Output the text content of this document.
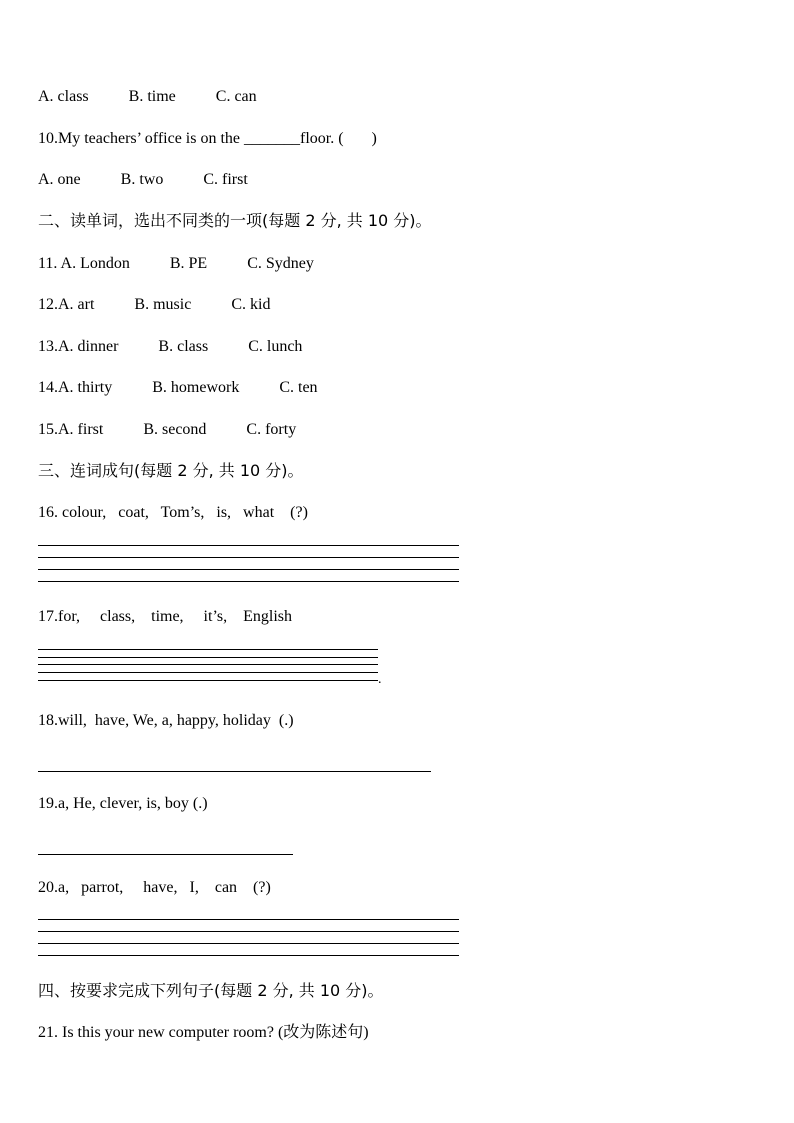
A. class          B. time          C. can
10.My teachers’ office is on the _______floor. (       )
A. one          B. two          C. first
二、读单词，选出不同类的一项(每题 2 分, 共 10 分)。
11. A. London          B. PE          C. Sydney
12.A. art          B. music          C. kid
13.A. dinner          B. class          C. lunch
14.A. thirty          B. homework          C. ten
15.A. first          B. second          C. forty
三、连词成句(每题 2 分, 共 10 分)。
16. colour,   coat,   Tom’s,   is,   what    (?)
17.for,     class,    time,     it’s,    English
.
18.will,  have, We, a, happy, holiday  (.)
19.a, He, clever, is, boy (.)
20.a,   parrot,     have,   I,    can    (?)
四、按要求完成下列句子(每题 2 分, 共 10 分)。
21. Is this your new computer room? (改为陈述句)
